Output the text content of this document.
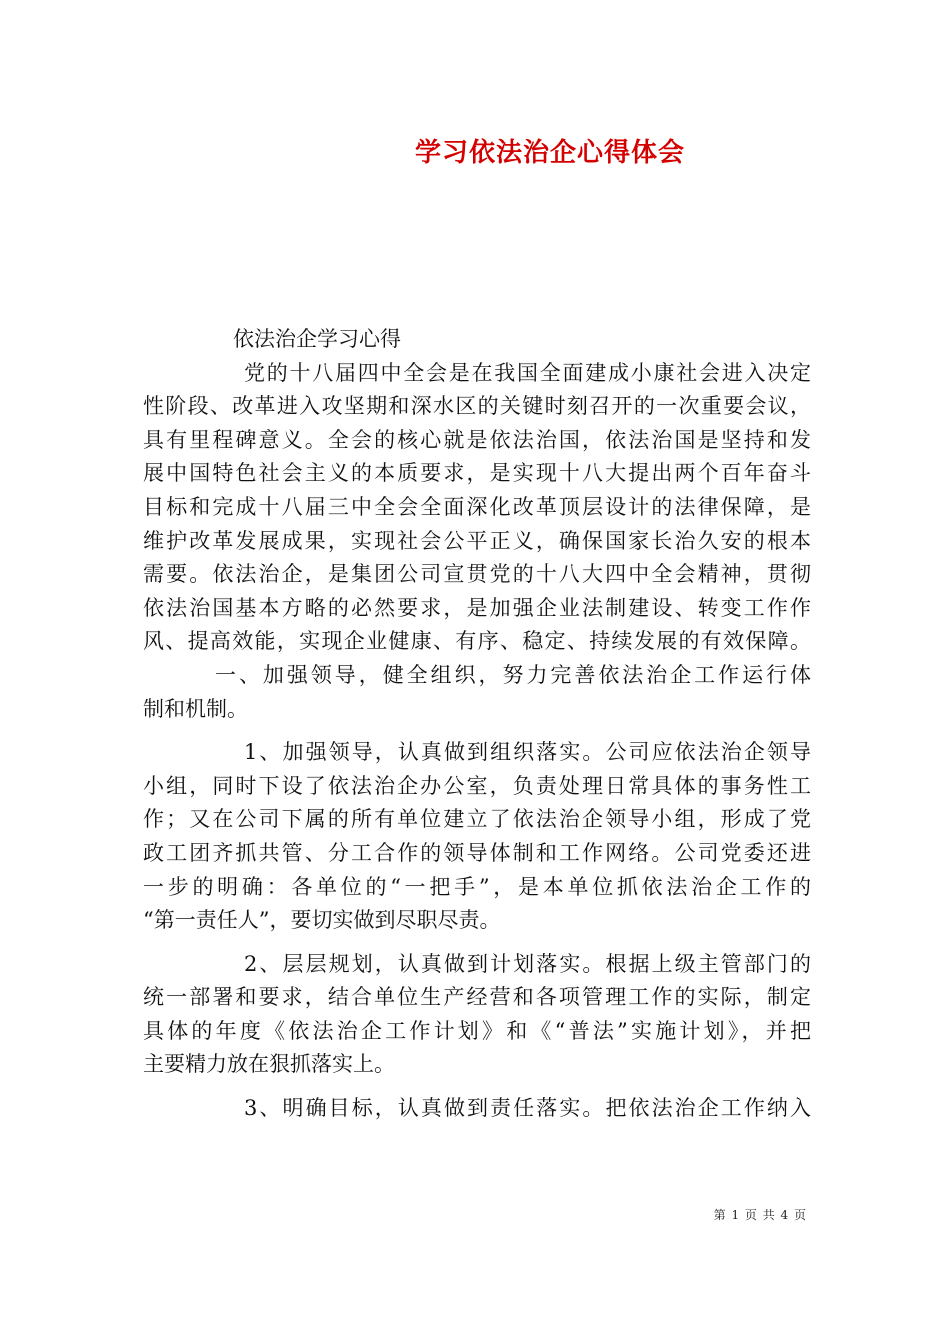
学习依法治企心得体会
依法治企学习心得
党的十八届四中全会是在我国全面建成小康社会进入决定
性阶段、改革进入攻坚期和深水区的关键时刻召开的一次重要会议，
具有里程碑意义。全会的核心就是依法治国，依法治国是坚持和发
展中国特色社会主义的本质要求，是实现十八大提出两个百年奋斗
目标和完成十八届三中全会全面深化改革顶层设计的法律保障，是
维护改革发展成果，实现社会公平正义，确保国家长治久安的根本
需要。依法治企，是集团公司宣贯党的十八大四中全会精神，贯彻
依法治国基本方略的必然要求，是加强企业法制建设、转变工作作
风、提高效能，实现企业健康、有序、稳定、持续发展的有效保障。
一、加强领导，健全组织，努力完善依法治企工作运行体
制和机制。
1、加强领导，认真做到组织落实。公司应依法治企领导
小组，同时下设了依法治企办公室，负责处理日常具体的事务性工
作；又在公司下属的所有单位建立了依法治企领导小组，形成了党
政工团齐抓共管、分工合作的领导体制和工作网络。公司党委还进
一步的明确：各单位的“一把手”，是本单位抓依法治企工作的
“第一责任人”，要切实做到尽职尽责。
2、层层规划，认真做到计划落实。根据上级主管部门的
统一部署和要求，结合单位生产经营和各项管理工作的实际，制定
具体的年度《依法治企工作计划》和《“普法”实施计划》，并把
主要精力放在狠抓落实上。
3、明确目标，认真做到责任落实。把依法治企工作纳入
第 1 页 共 4 页
